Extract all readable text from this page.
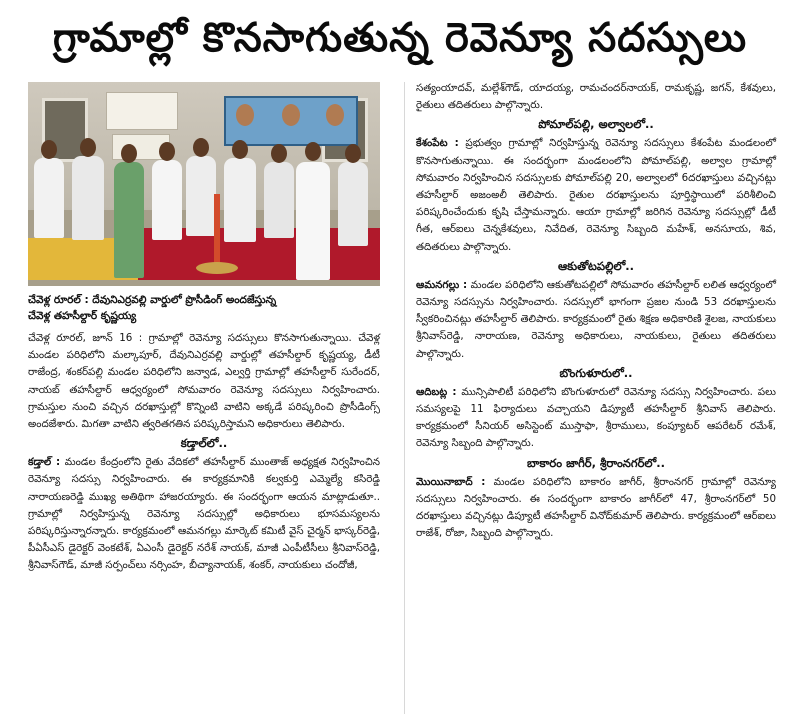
గ్రామాల్లో కొనసాగుతున్న రెవెన్యూ సదస్సులు
చేవెళ్ల రూరల్‌ : దేవునిఎర్రవల్లి వార్డులో ప్రొసీడింగ్‌ అందజేస్తున్న
చేవెళ్ల తహసీల్దార్‌ కృష్ణయ్య

చేవెళ్ల రూరల్‌, జూన్‌ 16 : గ్రామాల్లో రెవెన్యూ సదస్సులు కొనసాగుతున్నాయి. చేవెళ్ల మండల పరిధిలోని మల్కాపూర్‌, దేవునిఎర్రవల్లి వార్డుల్లో తహసీల్దార్‌ కృష్ణయ్య, డీటీ రాజేంద్ర, శంకర్‌పల్లి మండల పరిధిలోని జన్వాడ, ఎల్వర్తి గ్రామాల్లో తహసీల్దార్‌ సురేందర్‌, నాయబ్‌ తహసీల్దార్‌ ఆధ్వర్యంలో సోమవారం రెవెన్యూ సదస్సులు నిర్వహించారు. గ్రామస్తుల నుంచి వచ్చిన దరఖాస్తుల్లో కొన్నింటి వాటిని అక్కడే పరిష్కరించి ప్రొసీడింగ్స్‌ అందజేశారు. మిగతా వాటిని త్వరితగతిన పరిష్కరిస్తామని అధికారులు తెలిపారు.

కడ్తాల్‌లో..

కడ్తాల్‌ : మండల కేంద్రంలోని రైతు వేదికలో తహసీల్దార్‌ ముంతాజ్‌ అధ్యక్షత నిర్వహించిన రెవెన్యూ సదస్సు నిర్వహించారు. ఈ కార్యక్రమానికి కల్వకుర్తి ఎమ్మెల్యే కసిరెడ్డి నారాయణరెడ్డి ముఖ్య అతిథిగా హాజరయ్యారు. ఈ సందర్భంగా ఆయన మాట్లాడుతూ.. గ్రామాల్లో నిర్వహిస్తున్న రెవెన్యూ సదస్సుల్లో అధికారులు భూసమస్యలను పరిష్కరిస్తున్నారన్నారు. కార్యక్రమంలో ఆమనగల్లు మార్కెట్‌ కమిటీ వైస్‌ చైర్మన్‌ భాస్కర్‌రెడ్డి, పీఏసీఎస్‌ డైరెక్టర్‌ వెంకటేశ్‌, ఏఎంసీ డైరెక్టర్‌ నరేశ్‌ నాయక్‌, మాజీ ఎంపీటీసీలు శ్రీనివాస్‌రెడ్డి, శ్రీనివాస్‌గౌడ్‌, మాజీ సర్పంచ్‌లు నర్సింహ, బీచ్యానాయక్‌, శంకర్‌, నాయకులు చందోజీ,

సత్యంయాదవ్‌, మల్లేశ్‌గౌడ్‌, యాదయ్య, రామచందర్‌నాయక్‌, రామకృష్ణ, జగన్‌, కేశవులు, రైతులు తదితరులు పాల్గొన్నారు.

పోమాల్‌పల్లి, అల్వాలలో..

కేశంపేట : ప్రభుత్వం గ్రామాల్లో నిర్వహిస్తున్న రెవెన్యూ సదస్సులు కేశంపేట మండలంలో కొనసాగుతున్నాయి. ఈ సందర్భంగా మండలంలోని పోమాల్‌పల్లి, అల్వాల గ్రామాల్లో సోమవారం నిర్వహించిన సదస్సులకు పోమాల్‌పల్లి 20, అల్వాలలో 6దరఖాస్తులు వచ్చినట్లు తహసీల్దార్‌ అజంఅలీ తెలిపారు. రైతుల దరఖాస్తులను పూర్తిస్థాయిలో పరిశీలించి పరిష్కరించేందుకు కృషి చేస్తామన్నారు. ఆయా గ్రామాల్లో జరిగిన రెవెన్యూ సదస్సుల్లో డీటీ గీత, ఆర్‌ఐలు చెన్నకేశవులు, నివేదిత, రెవెన్యూ సిబ్బంది మహేశ్‌, అనసూయ, శివ, తదితరులు పాల్గొన్నారు.

ఆకుతోటపల్లిలో..

ఆమనగల్లు : మండల పరిధిలోని ఆకుతోటపల్లిలో సోమవారం తహసీల్దార్‌ లలిత ఆధ్వర్యంలో రెవెన్యూ సదస్సును నిర్వహించారు. సదస్సులో భాగంగా ప్రజల నుండి 53 దరఖాస్తులను స్వీకరించినట్లు తహసీల్దార్‌ తెలిపారు. కార్యక్రమంలో రైతు శిక్షణ అధికారిణి శైలజ, నాయకులు శ్రీనివాస్‌రెడ్డి, నారాయణ, రెవెన్యూ అధికారులు, నాయకులు, రైతులు తదితరులు పాల్గొన్నారు.

బొంగుళూరులో..

ఆదిబట్ల : మున్సిపాలిటీ పరిధిలోని బొంగుళూరులో రెవెన్యూ సదస్సు నిర్వహించారు. పలు సమస్యలపై 11 ఫిర్యాదులు వచ్చాయని డిప్యూటీ తహసీల్దార్‌ శ్రీనివాస్‌ తెలిపారు. కార్యక్రమంలో సీనియర్‌ అసిస్టెంట్‌ ముస్తాఫా, శ్రీరాములు, కంప్యూటర్‌ ఆపరేటర్‌ రమేశ్‌, రెవెన్యూ సిబ్బంది పాల్గొన్నారు.

బాకారం జాగీర్‌, శ్రీరాంనగర్‌లో..

మొయినాబాద్‌ : మండల పరిధిలోని బాకారం జాగీర్‌, శ్రీరాంనగర్‌ గ్రామాల్లో రెవెన్యూ సదస్సులు నిర్వహించారు. ఈ సందర్భంగా బాకారం జాగీర్‌లో 47, శ్రీరాంనగర్‌లో 50 దరఖాస్తులు వచ్చినట్లు డిప్యూటీ తహసీల్దార్‌ వినోద్‌కుమార్‌ తెలిపారు. కార్యక్రమంలో ఆర్‌ఐలు రాజేశ్‌, రోజా, సిబ్బంది పాల్గొన్నారు.
